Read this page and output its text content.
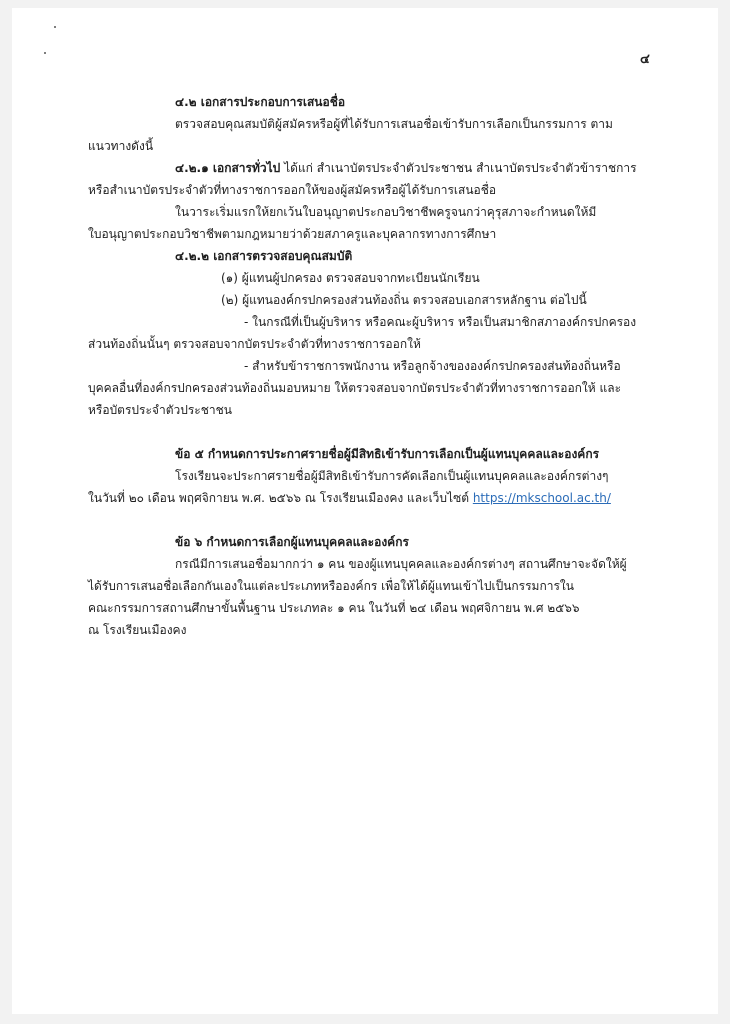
๔
๔.๒ เอกสารประกอบการเสนอชื่อ
ตรวจสอบคุณสมบัติผู้สมัครหรือผู้ที่ได้รับการเสนอชื่อเข้ารับการเลือกเป็นกรรมการ ตาม
แนวทางดังนี้
๔.๒.๑ เอกสารทั่วไป ได้แก่ สำเนาบัตรประจำตัวประชาชน สำเนาบัตรประจำตัวข้าราชการ
หรือสำเนาบัตรประจำตัวที่ทางราชการออกให้ของผู้สมัครหรือผู้ได้รับการเสนอชื่อ
ในวาระเริ่มแรกให้ยกเว้นใบอนุญาตประกอบวิชาชีพครูจนกว่าคุรุสภาจะกำหนดให้มี
ใบอนุญาตประกอบวิชาชีพตามกฎหมายว่าด้วยสภาครูและบุคลากรทางการศึกษา
๔.๒.๒ เอกสารตรวจสอบคุณสมบัติ
(๑) ผู้แทนผู้ปกครอง ตรวจสอบจากทะเบียนนักเรียน
(๒) ผู้แทนองค์กรปกครองส่วนท้องถิ่น ตรวจสอบเอกสารหลักฐาน ต่อไปนี้
- ในกรณีที่เป็นผู้บริหาร หรือคณะผู้บริหาร หรือเป็นสมาชิกสภาองค์กรปกครอง
ส่วนท้องถิ่นนั้นๆ ตรวจสอบจากบัตรประจำตัวที่ทางราชการออกให้
- สำหรับข้าราชการพนักงาน หรือลูกจ้างขององค์กรปกครองส่นท้องถิ่นหรือ
บุคคลอื่นที่องค์กรปกครองส่วนท้องถิ่นมอบหมาย ให้ตรวจสอบจากบัตรประจำตัวที่ทางราชการออกให้ และ
หรือบัตรประจำตัวประชาชน
ข้อ ๕ กำหนดการประกาศรายชื่อผู้มีสิทธิเข้ารับการเลือกเป็นผู้แทนบุคคลและองค์กร
โรงเรียนจะประกาศรายชื่อผู้มีสิทธิเข้ารับการคัดเลือกเป็นผู้แทนบุคคลและองค์กรต่างๆ
ในวันที่ ๒๐ เดือน พฤศจิกายน พ.ศ. ๒๕๖๖ ณ โรงเรียนเมืองคง และเว็บไซต์ https://mkschool.ac.th/
ข้อ ๖ กำหนดการเลือกผู้แทนบุคคลและองค์กร
กรณีมีการเสนอชื่อมากกว่า ๑ คน ของผู้แทนบุคคลและองค์กรต่างๆ สถานศึกษาจะจัดให้ผู้
ได้รับการเสนอชื่อเลือกกันเองในแต่ละประเภทหรือองค์กร เพื่อให้ได้ผู้แทนเข้าไปเป็นกรรมการใน
คณะกรรมการสถานศึกษาขั้นพื้นฐาน ประเภทละ ๑ คน ในวันที่ ๒๔ เดือน พฤศจิกายน พ.ศ ๒๕๖๖
ณ โรงเรียนเมืองคง
